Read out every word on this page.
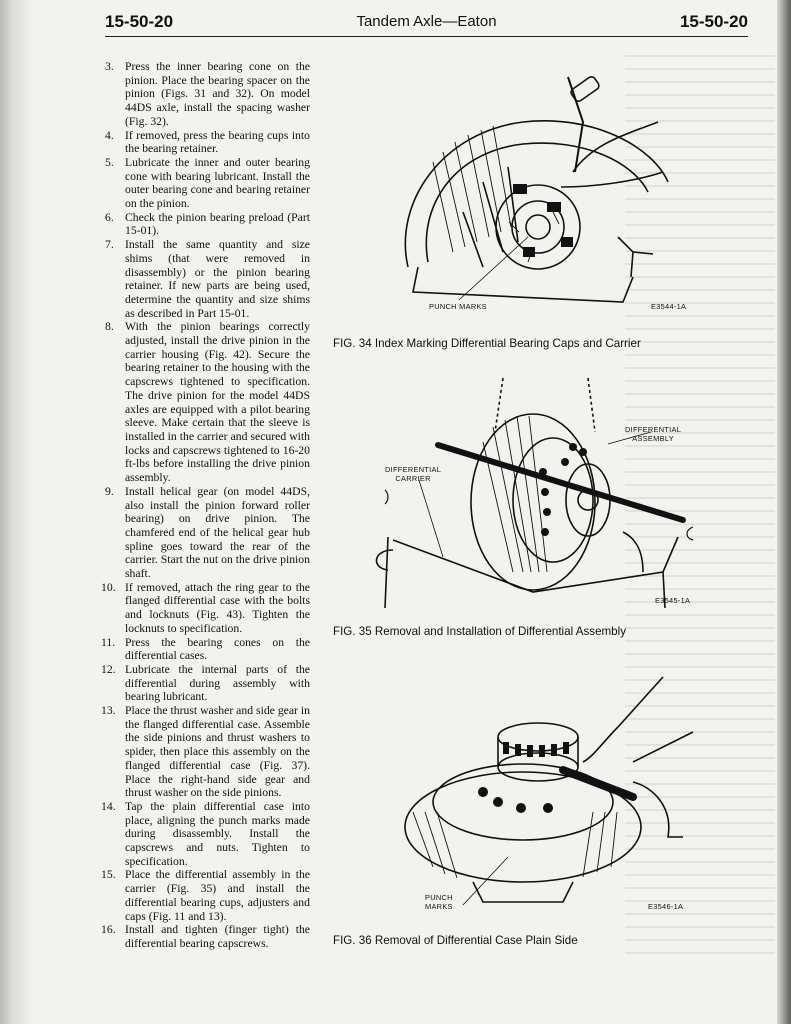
15-50-20	Tandem Axle—Eaton	15-50-20
3. Press the inner bearing cone on the pinion. Place the bearing spacer on the pinion (Figs. 31 and 32). On model 44DS axle, install the spacing washer (Fig. 32).
4. If removed, press the bearing cups into the bearing retainer.
5. Lubricate the inner and outer bearing cone with bearing lubricant. Install the outer bearing cone and bearing retainer on the pinion.
6. Check the pinion bearing preload (Part 15-01).
7. Install the same quantity and size shims (that were removed in disassembly) or the pinion bearing retainer. If new parts are being used, determine the quantity and size shims as described in Part 15-01.
8. With the pinion bearings correctly adjusted, install the drive pinion in the carrier housing (Fig. 42). Secure the bearing retainer to the housing with the capscrews tightened to specification. The drive pinion for the model 44DS axles are equipped with a pilot bearing sleeve. Make certain that the sleeve is installed in the carrier and secured with locks and capscrews tightened to 16-20 ft-lbs before installing the drive pinion assembly.
9. Install helical gear (on model 44DS, also install the pinion forward roller bearing) on drive pinion. The chamfered end of the helical gear hub spline goes toward the rear of the carrier. Start the nut on the drive pinion shaft.
10. If removed, attach the ring gear to the flanged differential case with the bolts and locknuts (Fig. 43). Tighten the locknuts to specification.
11. Press the bearing cones on the differential cases.
12. Lubricate the internal parts of the differential during assembly with bearing lubricant.
13. Place the thrust washer and side gear in the flanged differential case. Assemble the side pinions and thrust washers to spider, then place this assembly on the flanged differential case (Fig. 37). Place the right-hand side gear and thrust washer on the side pinions.
14. Tap the plain differential case into place, aligning the punch marks made during disassembly. Install the capscrews and nuts. Tighten to specification.
15. Place the differential assembly in the carrier (Fig. 35) and install the differential bearing cups, adjusters and caps (Fig. 11 and 13).
16. Install and tighten (finger tight) the differential bearing capscrews.
PUNCH MARKS	E3544-1A
FIG. 34 Index Marking Differential Bearing Caps and Carrier
DIFFERENTIAL
ASSEMBLY
DIFFERENTIAL
CARRIER
E3545-1A
FIG. 35 Removal and Installation of Differential Assembly
PUNCH
MARKS	E3546-1A
FIG. 36 Removal of Differential Case Plain Side
